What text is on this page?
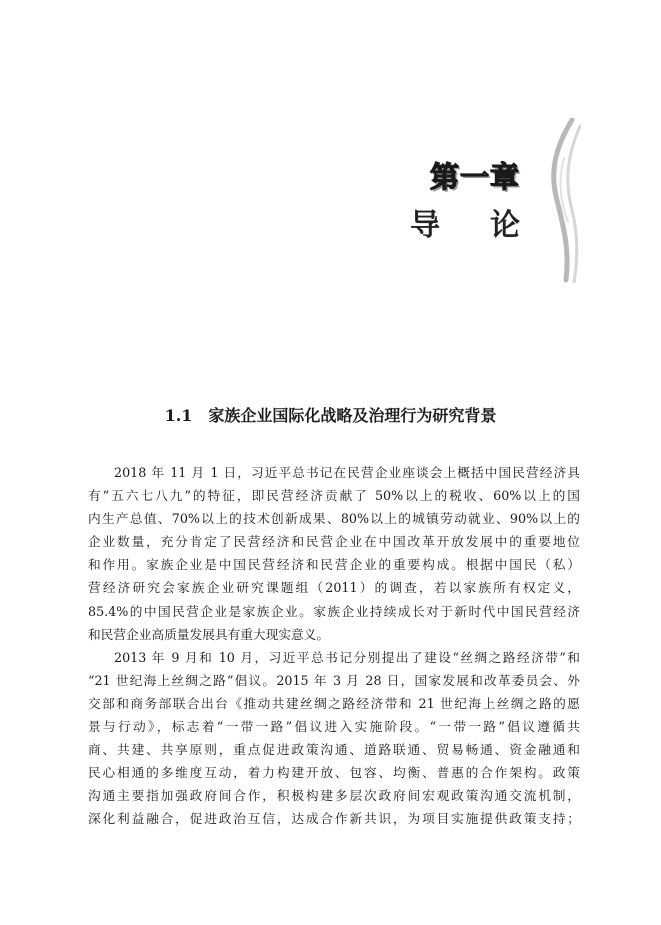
第一章
导 论
1.1 家族企业国际化战略及治理行为研究背景

2018 年 11 月 1 日，习近平总书记在民营企业座谈会上概括中国民营经济具

有“五六七八九”的特征，即民营经济贡献了 50%以上的税收、60%以上的国

内生产总值、70%以上的技术创新成果、80%以上的城镇劳动就业、90%以上的

企业数量，充分肯定了民营经济和民营企业在中国改革开放发展中的重要地位

和作用。家族企业是中国民营经济和民营企业的重要构成。根据中国民（私）

营经济研究会家族企业研究课题组（2011）的调查，若以家族所有权定义，

85.4%的中国民营企业是家族企业。家族企业持续成长对于新时代中国民营经济

和民营企业高质量发展具有重大现实意义。

2013 年 9 月和 10 月，习近平总书记分别提出了建设“丝绸之路经济带”和

“21 世纪海上丝绸之路”倡议。2015 年 3 月 28 日，国家发展和改革委员会、外

交部和商务部联合出台《推动共建丝绸之路经济带和 21 世纪海上丝绸之路的愿

景与行动》，标志着“一带一路”倡议进入实施阶段。“一带一路”倡议遵循共

商、共建、共享原则，重点促进政策沟通、道路联通、贸易畅通、资金融通和

民心相通的多维度互动，着力构建开放、包容、均衡、普惠的合作架构。政策

沟通主要指加强政府间合作，积极构建多层次政府间宏观政策沟通交流机制，

深化利益融合，促进政治互信，达成合作新共识，为项目实施提供政策支持；
